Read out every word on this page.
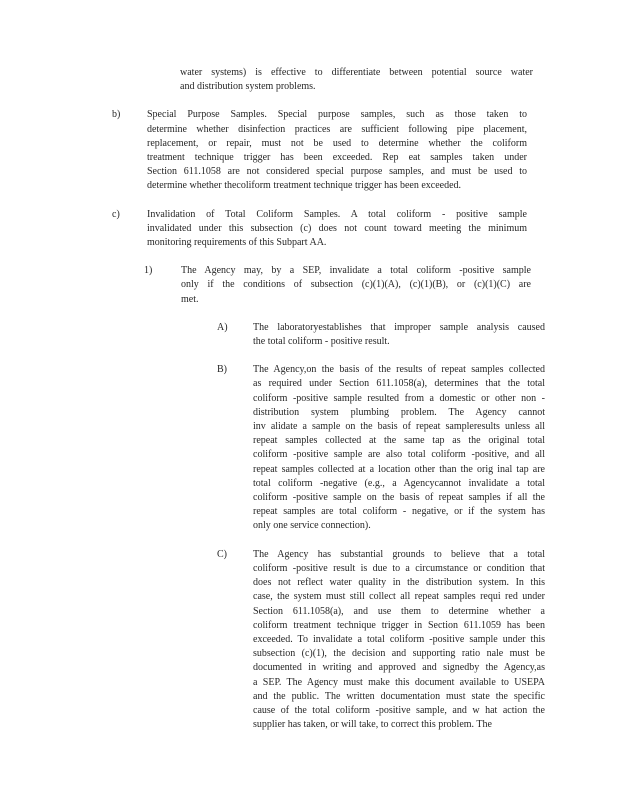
water systems) is effective to differentiate between potential source water
and distribution system problems.
b)	Special Purpose Samples. Special purpose samples, such as those taken to
determine whether disinfection practices are sufficient following pipe placement,
replacement, or repair, must not be used to determine whether the coliform
treatment technique trigger has been exceeded. Rep eat samples taken under
Section 611.1058 are not considered special purpose samples, and must be used to
determine whether thecoliform treatment technique trigger has been exceeded.
c)	Invalidation of Total Coliform Samples. A total coliform - positive sample
invalidated under this subsection (c) does not count toward meeting the minimum
monitoring requirements of this Subpart AA.
1)	The Agency may, by a SEP, invalidate a total coliform -positive sample
only if the conditions of subsection (c)(1)(A), (c)(1)(B), or (c)(1)(C) are
met.
A)	The laboratoryestablishes that improper sample analysis caused
the total coliform - positive result.
B)	The Agency,on the basis of the results of repeat samples collected
as required under Section 611.1058(a), determines that the total
coliform -positive sample resulted from a domestic or other non -
distribution system plumbing problem. The Agency cannot
inv alidate a sample on the basis of repeat sampleresults unless all
repeat samples collected at the same tap as the original total
coliform -positive sample are also total coliform -positive, and all
repeat samples collected at a location other than the orig inal tap are
total coliform -negative (e.g., a Agencycannot invalidate a total
coliform -positive sample on the basis of repeat samples if all the
repeat samples are total coliform - negative, or if the system has
only one service connection).
C)	The Agency has substantial grounds to believe that a total
coliform -positive result is due to a circumstance or condition that
does not reflect water quality in the distribution system. In this
case, the system must still collect all repeat samples requi red under
Section 611.1058(a), and use them to determine whether a
coliform treatment technique trigger in Section 611.1059 has been
exceeded. To invalidate a total coliform -positive sample under this
subsection (c)(1), the decision and supporting ratio nale must be
documented in writing and approved and signedby the Agency,as
a SEP. The Agency must make this document available to USEPA
and the public. The written documentation must state the specific
cause of the total coliform -positive sample, and w hat action the
supplier has taken, or will take, to correct this problem. The
